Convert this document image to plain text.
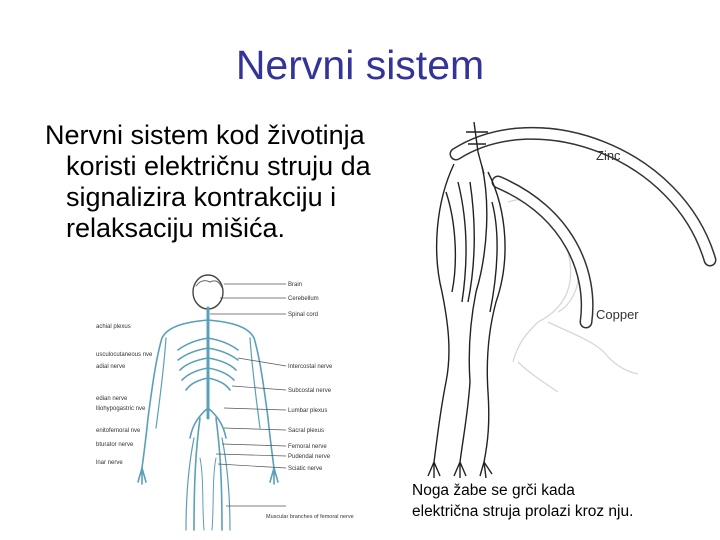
Nervni sistem
Nervni sistem kod životinja
koristi električnu struju da
signalizira kontrakciju i
relaksaciju mišića.
Brain
Cerebellum
Spinal cord
Intercostal nerve
Subcostal nerve
Lumbar plexus
Sacral plexus
Femoral nerve
Pudendal nerve
Sciatic nerve
Muscular branches of femoral nerve
achial plexus
usculocutaneous nve
adial nerve
edian nerve
lliohypogastric nve
enitofemoral nve
bturator nerve
lnar nerve
Zinc
Copper
Noga žabe se grči kada
električna struja prolazi kroz nju.
